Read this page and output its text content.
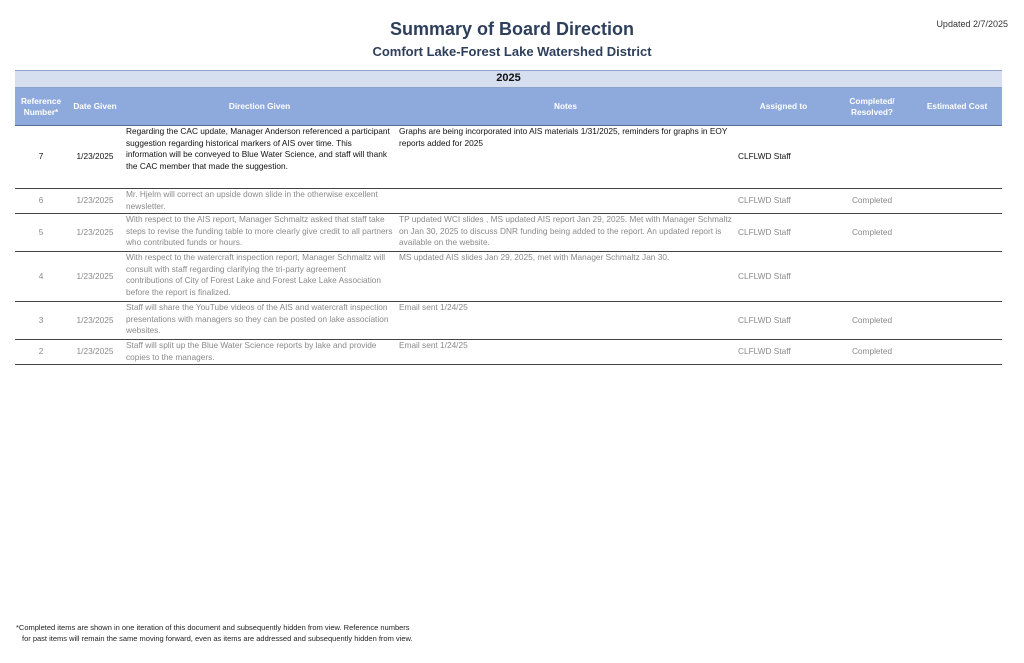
Updated 2/7/2025
Summary of Board Direction
Comfort Lake-Forest Lake Watershed District
2025						
Reference Number*	Date Given	Direction Given	Notes	Assigned to	Completed/ Resolved?	Estimated Cost
7	1/23/2025	Regarding the CAC update, Manager Anderson referenced a participant suggestion regarding historical markers of AIS over time. This information will be conveyed to Blue Water Science, and staff will thank the CAC member that made the suggestion.	Graphs are being incorporated into AIS materials 1/31/2025, reminders for graphs in EOY reports added for 2025	CLFLWD Staff		
6	1/23/2025	Mr. Hjelm will correct an upside down slide in the otherwise excellent newsletter.		CLFLWD Staff	Completed	
5	1/23/2025	With respect to the AIS report, Manager Schmaltz asked that staff take steps to revise the funding table to more clearly give credit to all partners who contributed funds or hours.	TP updated WCI slides , MS updated AIS report Jan 29, 2025. Met with Manager Schmaltz on Jan 30, 2025 to discuss DNR funding being added to the report. An updated report is available on the website.	CLFLWD Staff	Completed	
4	1/23/2025	With respect to the watercraft inspection report, Manager Schmaltz will consult with staff regarding clarifying the tri-party agreement contributions of City of Forest Lake and Forest Lake Lake Association before the report is finalized.	MS updated AIS slides Jan 29, 2025, met with Manager Schmaltz Jan 30.	CLFLWD Staff		
3	1/23/2025	Staff will share the YouTube videos of the AIS and watercraft inspection presentations with managers so they can be posted on lake association websites.	Email sent 1/24/25	CLFLWD Staff	Completed	
2	1/23/2025	Staff will split up the Blue Water Science reports by lake and provide copies to the managers.	Email sent 1/24/25	CLFLWD Staff	Completed	
*Completed items are shown in one iteration of this document and subsequently hidden from view. Reference numbers
for past items will remain the same moving forward, even as items are addressed and subsequently hidden from view.
